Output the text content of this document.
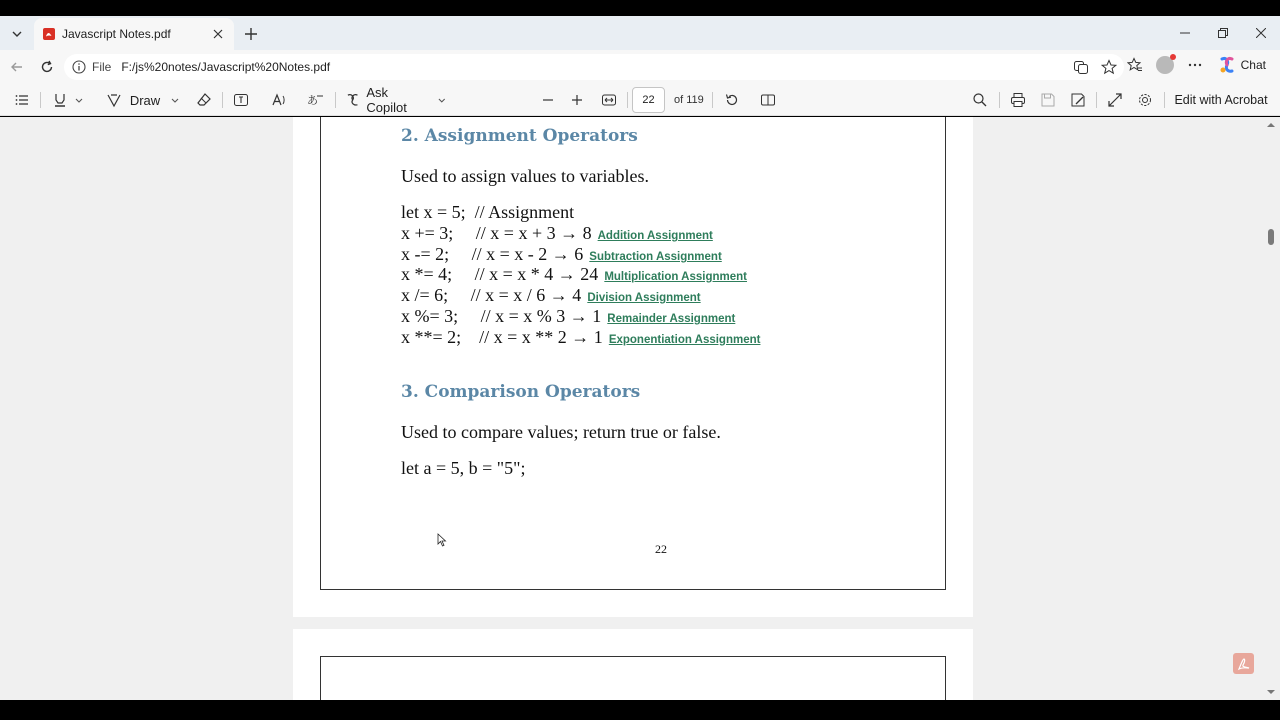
Javascript Notes.pdf
File F:/js%20notes/Javascript%20Notes.pdf	Chat
Draw	あ
Ask Copilot	22	of 119	Edit with Acrobat
2. Assignment Operators
Used to assign values to variables.
let x = 5;  // Assignment
x += 3;     // x = x + 3 → 8 Addition Assignment
x -= 2;     // x = x - 2 → 6 Subtraction Assignment
x *= 4;     // x = x * 4 → 24 Multiplication Assignment
x /= 6;     // x = x / 6 → 4 Division Assignment
x %= 3;     // x = x % 3 → 1 Remainder Assignment
x **= 2;    // x = x ** 2 → 1 Exponentiation Assignment
3. Comparison Operators
Used to compare values; return true or false.
let a = 5, b = "5";
22
